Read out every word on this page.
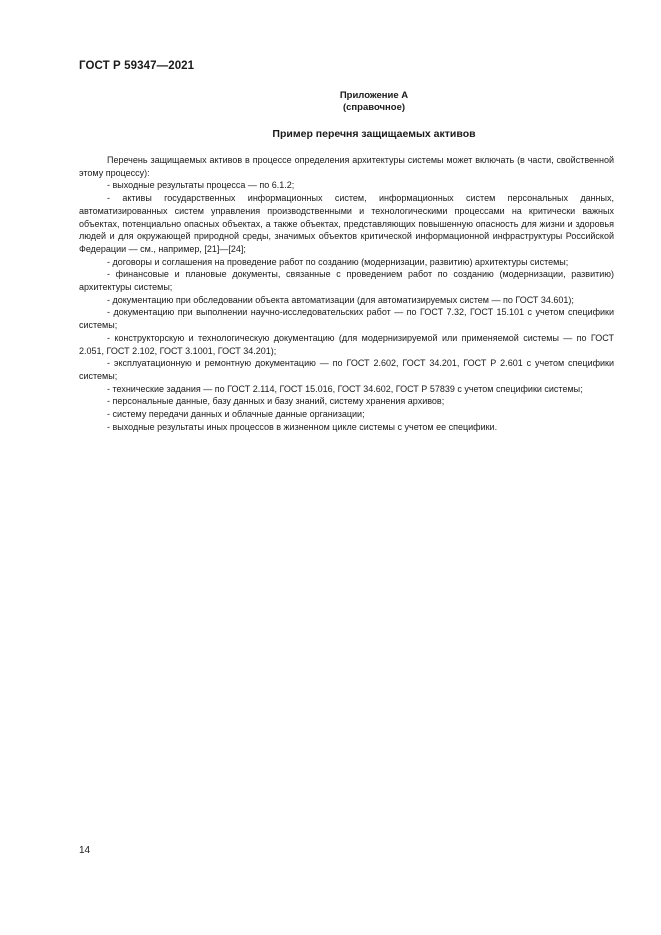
ГОСТ Р 59347—2021
Приложение А
(справочное)
Пример перечня защищаемых активов

Перечень защищаемых активов в процессе определения архитектуры системы может включать (в части, свойственной этому процессу):

- выходные результаты процесса — по 6.1.2;

- активы государственных информационных систем, информационных систем персональных данных, автоматизированных систем управления производственными и технологическими процессами на критически важных объектах, потенциально опасных объектах, а также объектах, представляющих повышенную опасность для жизни и здоровья людей и для окружающей природной среды, значимых объектов критической информационной инфраструктуры Российской Федерации — см., например, [21]—[24];

- договоры и соглашения на проведение работ по созданию (модернизации, развитию) архитектуры системы;

- финансовые и плановые документы, связанные с проведением работ по созданию (модернизации, развитию) архитектуры системы;

- документацию при обследовании объекта автоматизации (для автоматизируемых систем — по ГОСТ 34.601);

- документацию при выполнении научно-исследовательских работ — по ГОСТ 7.32, ГОСТ 15.101 с учетом специфики системы;

- конструкторскую и технологическую документацию (для модернизируемой или применяемой системы — по ГОСТ 2.051, ГОСТ 2.102, ГОСТ 3.1001, ГОСТ 34.201);

- эксплуатационную и ремонтную документацию — по ГОСТ 2.602, ГОСТ 34.201, ГОСТ Р 2.601 с учетом специфики системы;

- технические задания — по ГОСТ 2.114, ГОСТ 15.016, ГОСТ 34.602, ГОСТ Р 57839 с учетом специфики системы;

- персональные данные, базу данных и базу знаний, систему хранения архивов;

- систему передачи данных и облачные данные организации;

- выходные результаты иных процессов в жизненном цикле системы с учетом ее специфики.

14
